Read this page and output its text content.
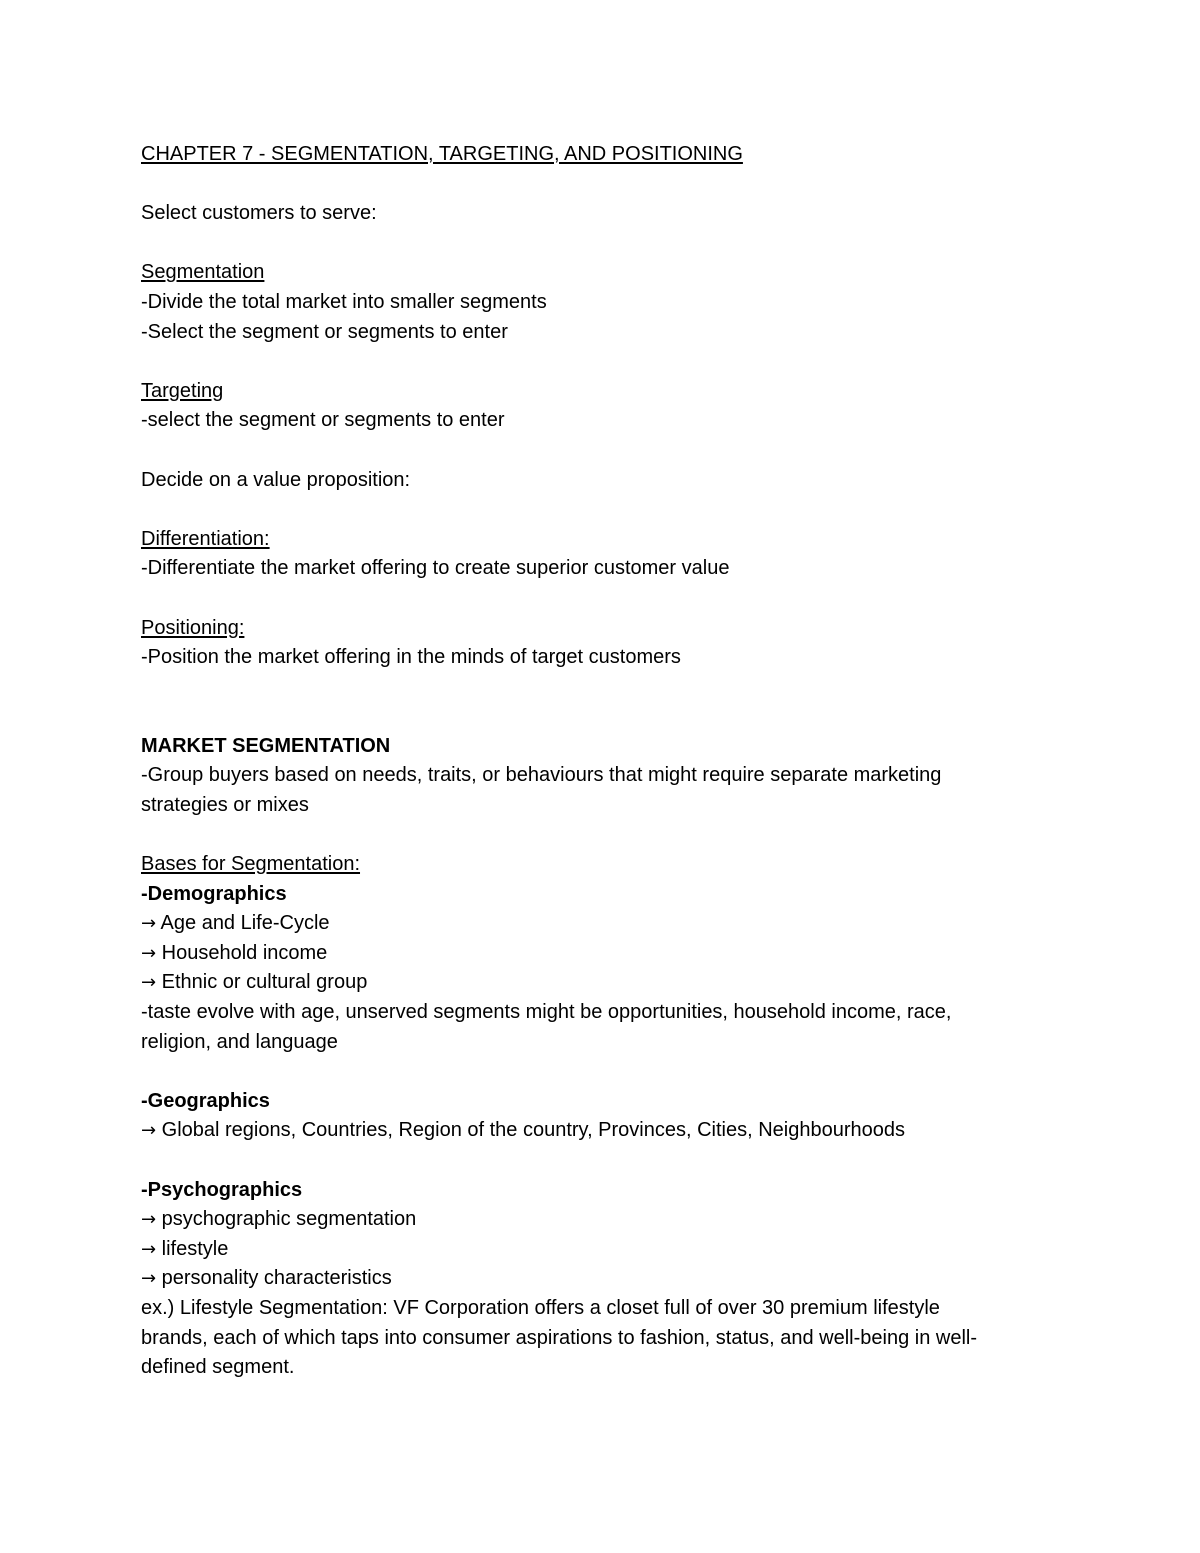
CHAPTER 7 - SEGMENTATION, TARGETING, AND POSITIONING
Select customers to serve:
Segmentation
-Divide the total market into smaller segments
-Select the segment or segments to enter
Targeting
-select the segment or segments to enter
Decide on a value proposition:
Differentiation:
-Differentiate the market offering to create superior customer value
Positioning:
-Position the market offering in the minds of target customers
MARKET SEGMENTATION
-Group buyers based on needs, traits, or behaviours that might require separate marketing
strategies or mixes
Bases for Segmentation:
-Demographics
→ Age and Life-Cycle
→ Household income
→ Ethnic or cultural group
-taste evolve with age, unserved segments might be opportunities, household income, race,
religion, and language
-Geographics
→ Global regions, Countries, Region of the country, Provinces, Cities, Neighbourhoods
-Psychographics
→ psychographic segmentation
→ lifestyle
→ personality characteristics
ex.) Lifestyle Segmentation: VF Corporation offers a closet full of over 30 premium lifestyle
brands, each of which taps into consumer aspirations to fashion, status, and well-being in well-
defined segment.
